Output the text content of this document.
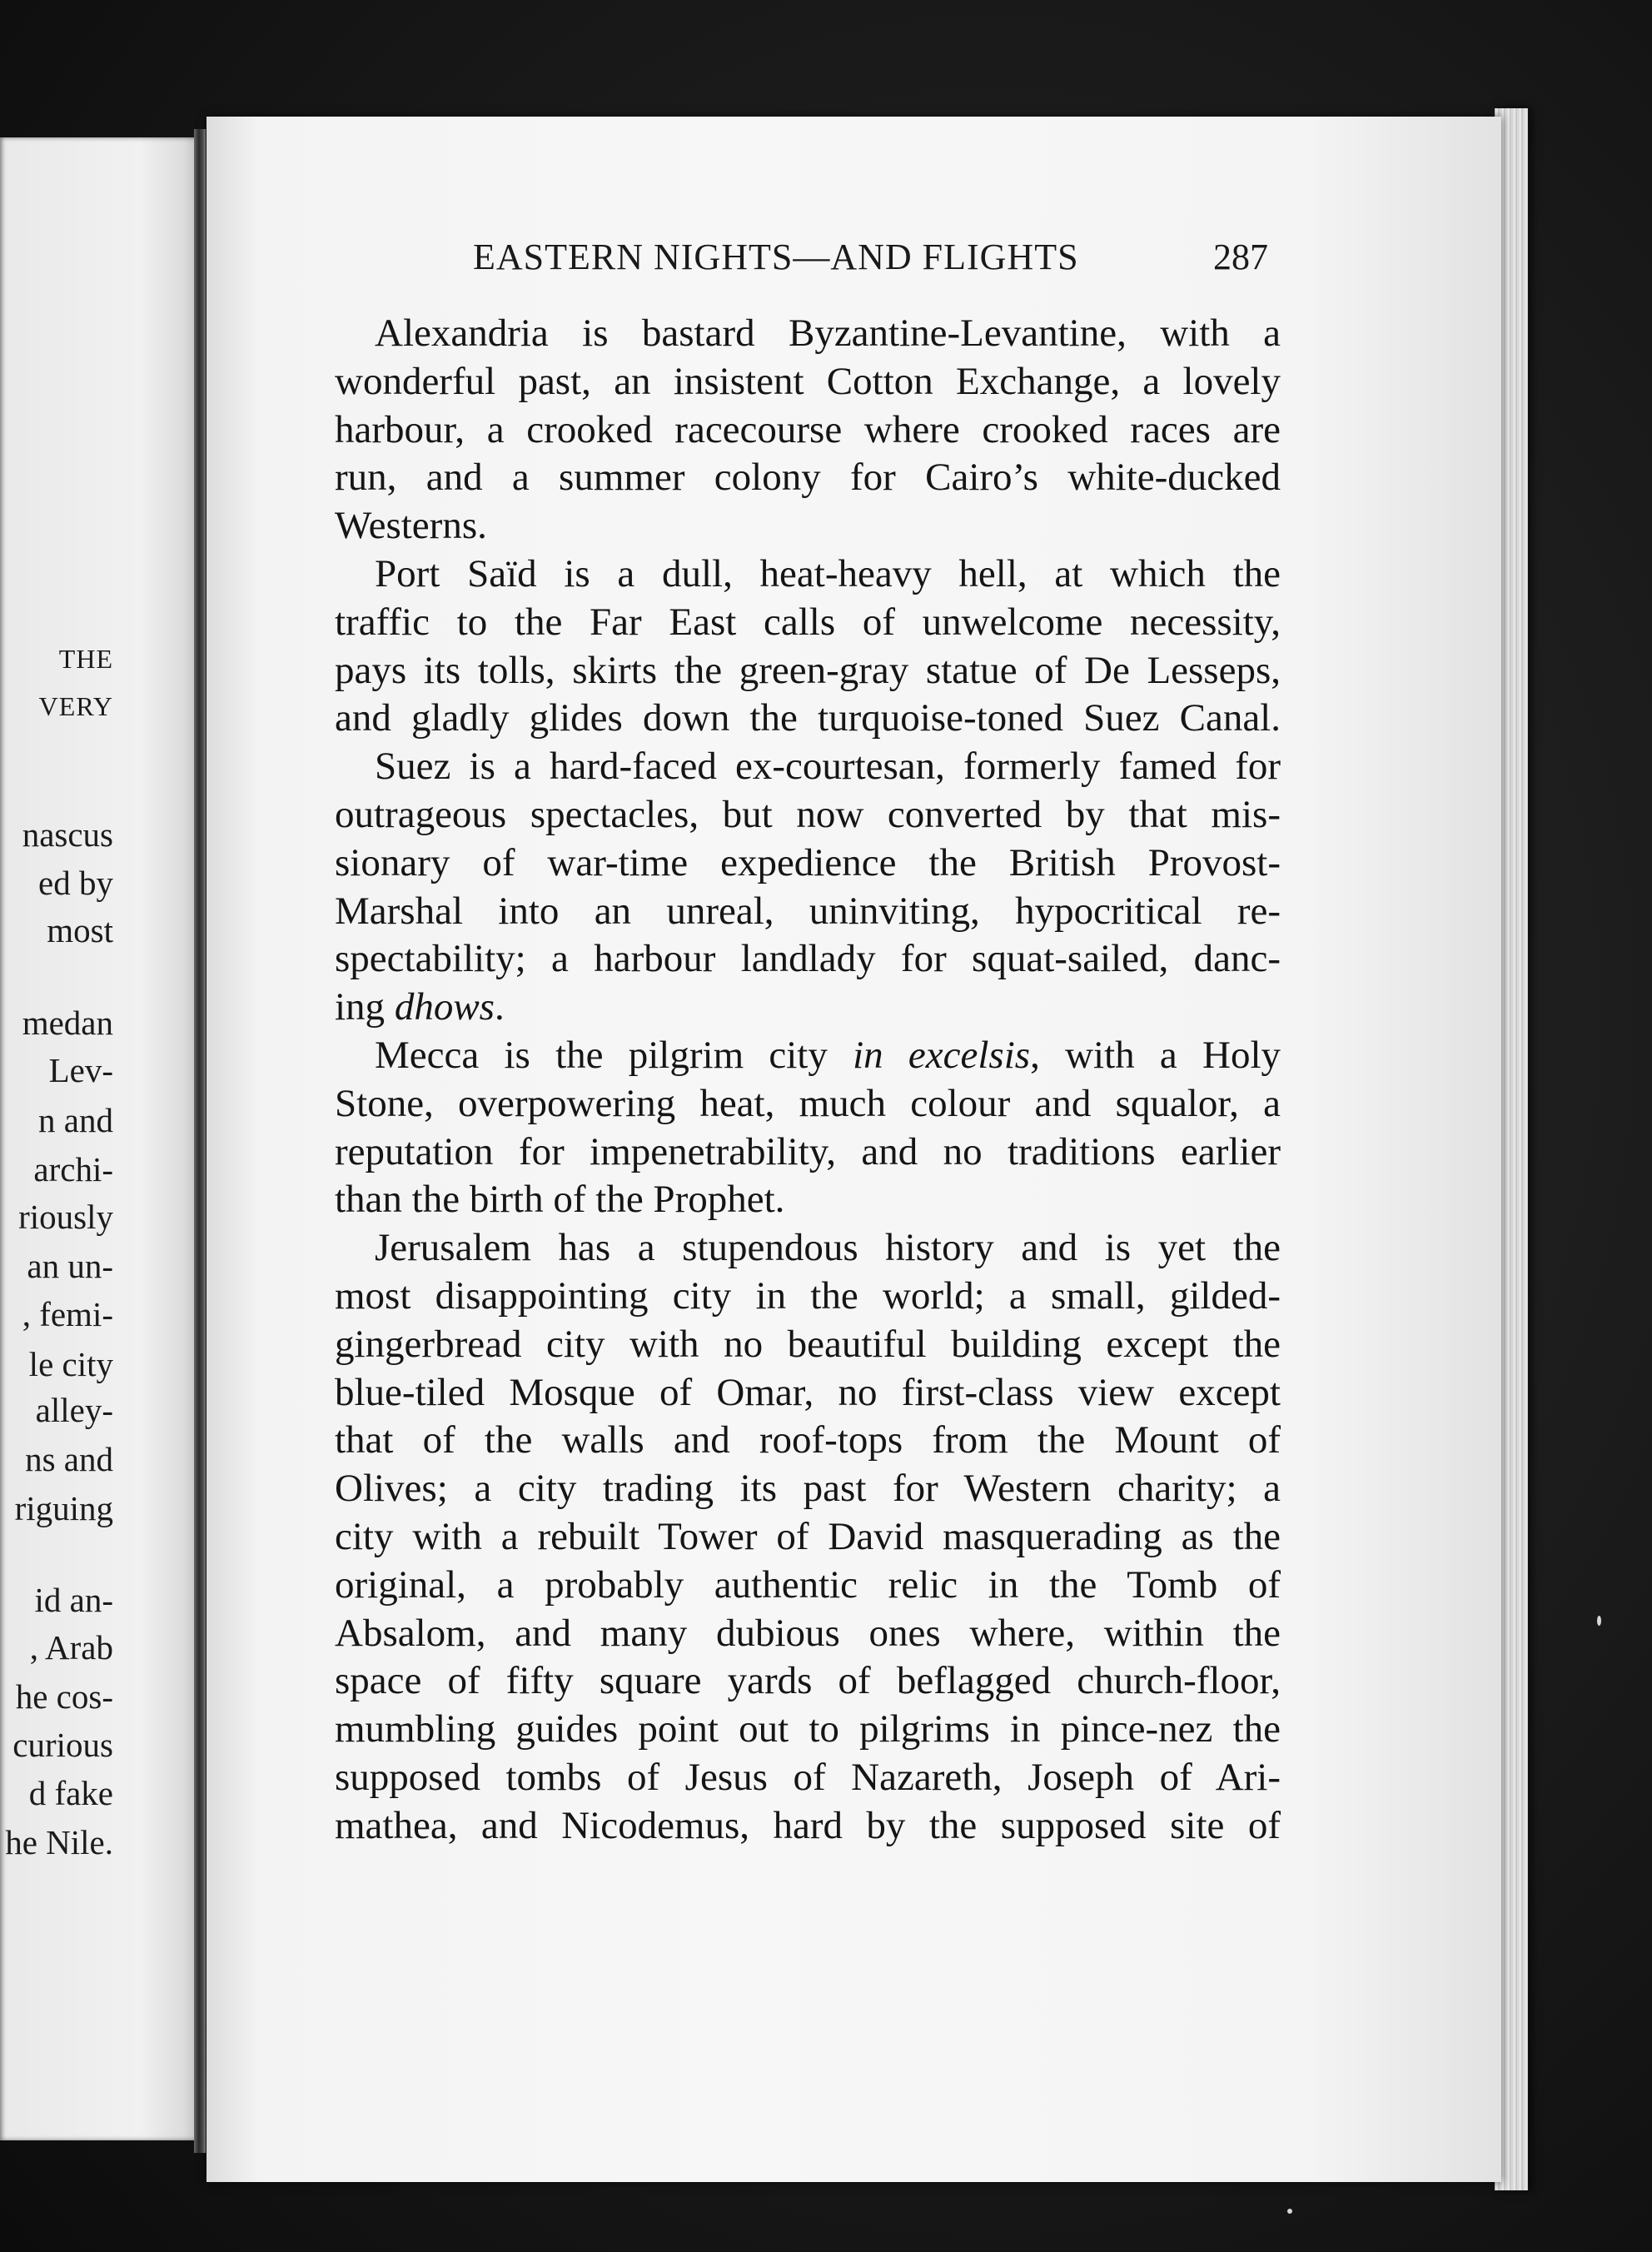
THE
VERY
nascus
ed by
most
medan
Lev-
n and
archi-
riously
an un-
, femi-
le city
alley-
ns and
riguing
id an-
, Arab
he cos-
curious
d fake
he Nile.
EASTERN NIGHTS—AND FLIGHTS	287
Alexandria is bastard Byzantine-Levantine, with a
wonderful past, an insistent Cotton Exchange, a lovely
harbour, a crooked racecourse where crooked races are
run, and a summer colony for Cairo’s white-ducked
Westerns.
Port Saïd is a dull, heat-heavy hell, at which the
traffic to the Far East calls of unwelcome necessity,
pays its tolls, skirts the green-gray statue of De Lesseps,
and gladly glides down the turquoise-toned Suez Canal.
Suez is a hard-faced ex-courtesan, formerly famed for
outrageous spectacles, but now converted by that mis-
sionary of war-time expedience the British Provost-
Marshal into an unreal, uninviting, hypocritical re-
spectability; a harbour landlady for squat-sailed, danc-
ing dhows.
Mecca is the pilgrim city in excelsis, with a Holy
Stone, overpowering heat, much colour and squalor, a
reputation for impenetrability, and no traditions earlier
than the birth of the Prophet.
Jerusalem has a stupendous history and is yet the
most disappointing city in the world; a small, gilded-
gingerbread city with no beautiful building except the
blue-tiled Mosque of Omar, no first-class view except
that of the walls and roof-tops from the Mount of
Olives; a city trading its past for Western charity; a
city with a rebuilt Tower of David masquerading as the
original, a probably authentic relic in the Tomb of
Absalom, and many dubious ones where, within the
space of fifty square yards of beflagged church-floor,
mumbling guides point out to pilgrims in pince-nez the
supposed tombs of Jesus of Nazareth, Joseph of Ari-
mathea, and Nicodemus, hard by the supposed site of
